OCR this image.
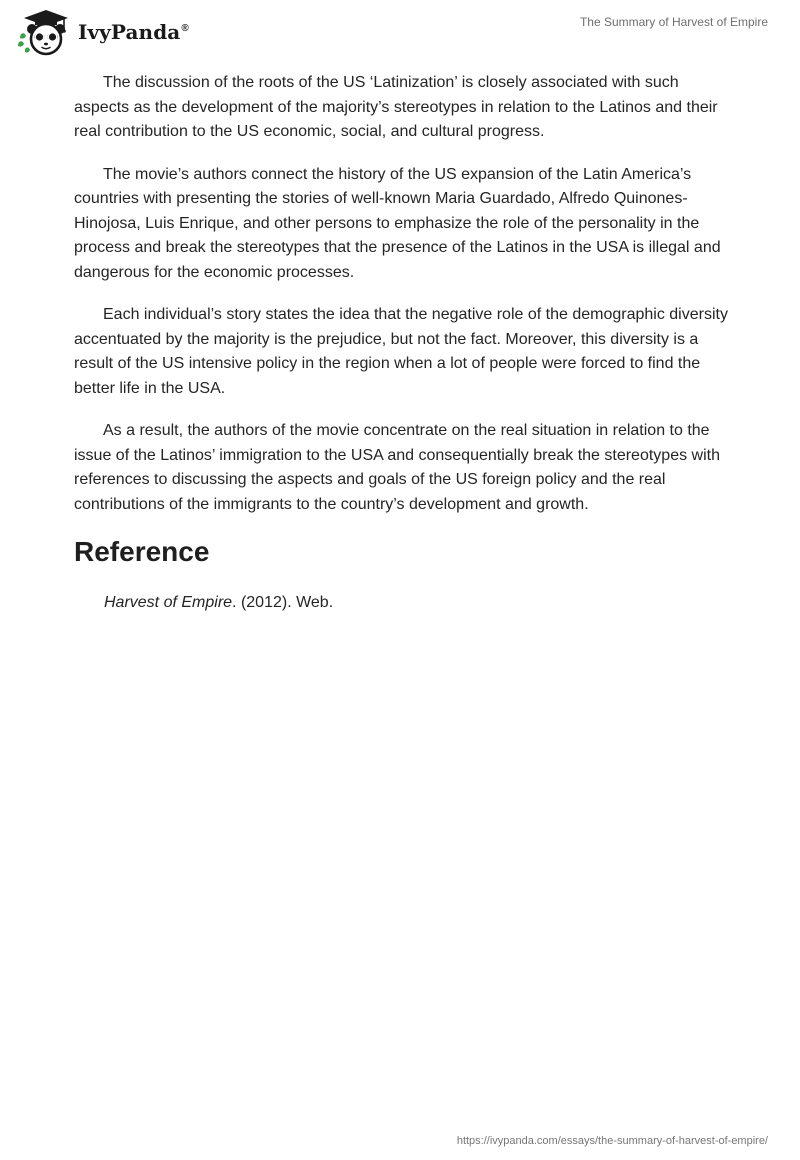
IvyPanda®	The Summary of Harvest of Empire

The discussion of the roots of the US ‘Latinization’ is closely associated with such aspects as the development of the majority’s stereotypes in relation to the Latinos and their real contribution to the US economic, social, and cultural progress.

The movie’s authors connect the history of the US expansion of the Latin America’s countries with presenting the stories of well-known Maria Guardado, Alfredo Quinones-Hinojosa, Luis Enrique, and other persons to emphasize the role of the personality in the process and break the stereotypes that the presence of the Latinos in the USA is illegal and dangerous for the economic processes.

Each individual’s story states the idea that the negative role of the demographic diversity accentuated by the majority is the prejudice, but not the fact. Moreover, this diversity is a result of the US intensive policy in the region when a lot of people were forced to find the better life in the USA.

As a result, the authors of the movie concentrate on the real situation in relation to the issue of the Latinos’ immigration to the USA and consequentially break the stereotypes with references to discussing the aspects and goals of the US foreign policy and the real contributions of the immigrants to the country’s development and growth.

Reference

Harvest of Empire. (2012). Web.

https://ivypanda.com/essays/the-summary-of-harvest-of-empire/
